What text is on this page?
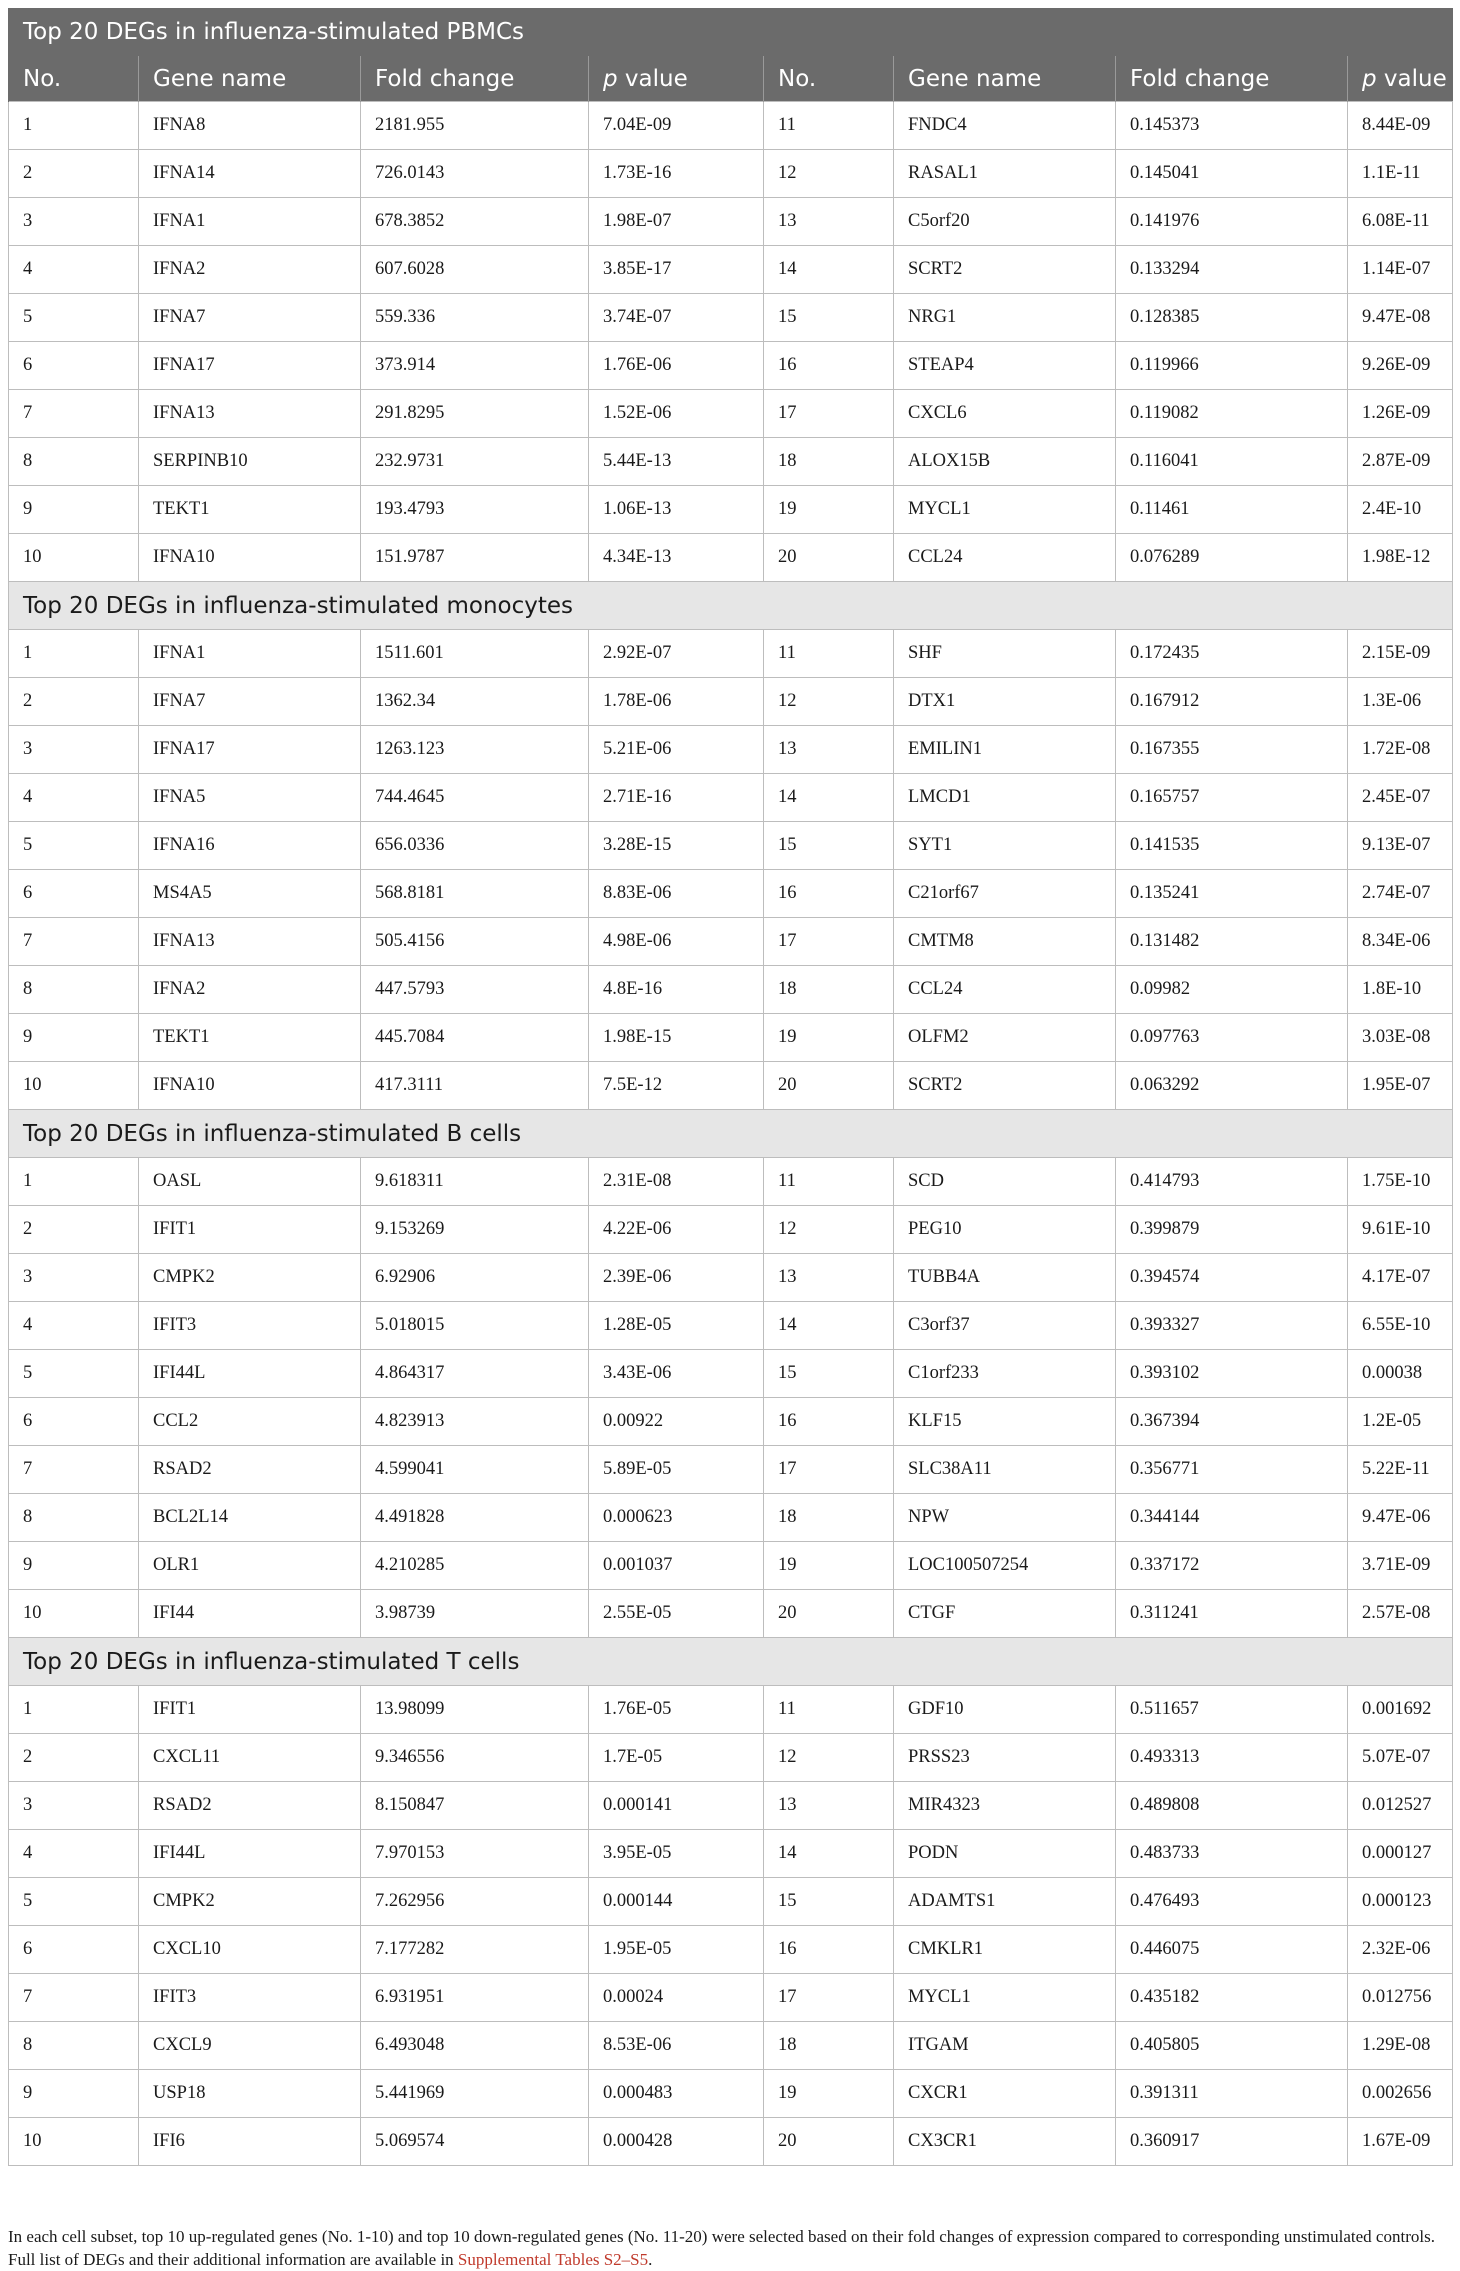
Top 20 DEGs in influenza-stimulated PBMCs							
No.	Gene name	Fold change	p value	No.	Gene name	Fold change	p value
1	IFNA8	2181.955	7.04E-09	11	FNDC4	0.145373	8.44E-09
2	IFNA14	726.0143	1.73E-16	12	RASAL1	0.145041	1.1E-11
3	IFNA1	678.3852	1.98E-07	13	C5orf20	0.141976	6.08E-11
4	IFNA2	607.6028	3.85E-17	14	SCRT2	0.133294	1.14E-07
5	IFNA7	559.336	3.74E-07	15	NRG1	0.128385	9.47E-08
6	IFNA17	373.914	1.76E-06	16	STEAP4	0.119966	9.26E-09
7	IFNA13	291.8295	1.52E-06	17	CXCL6	0.119082	1.26E-09
8	SERPINB10	232.9731	5.44E-13	18	ALOX15B	0.116041	2.87E-09
9	TEKT1	193.4793	1.06E-13	19	MYCL1	0.11461	2.4E-10
10	IFNA10	151.9787	4.34E-13	20	CCL24	0.076289	1.98E-12
Top 20 DEGs in influenza-stimulated monocytes							
1	IFNA1	1511.601	2.92E-07	11	SHF	0.172435	2.15E-09
2	IFNA7	1362.34	1.78E-06	12	DTX1	0.167912	1.3E-06
3	IFNA17	1263.123	5.21E-06	13	EMILIN1	0.167355	1.72E-08
4	IFNA5	744.4645	2.71E-16	14	LMCD1	0.165757	2.45E-07
5	IFNA16	656.0336	3.28E-15	15	SYT1	0.141535	9.13E-07
6	MS4A5	568.8181	8.83E-06	16	C21orf67	0.135241	2.74E-07
7	IFNA13	505.4156	4.98E-06	17	CMTM8	0.131482	8.34E-06
8	IFNA2	447.5793	4.8E-16	18	CCL24	0.09982	1.8E-10
9	TEKT1	445.7084	1.98E-15	19	OLFM2	0.097763	3.03E-08
10	IFNA10	417.3111	7.5E-12	20	SCRT2	0.063292	1.95E-07
Top 20 DEGs in influenza-stimulated B cells							
1	OASL	9.618311	2.31E-08	11	SCD	0.414793	1.75E-10
2	IFIT1	9.153269	4.22E-06	12	PEG10	0.399879	9.61E-10
3	CMPK2	6.92906	2.39E-06	13	TUBB4A	0.394574	4.17E-07
4	IFIT3	5.018015	1.28E-05	14	C3orf37	0.393327	6.55E-10
5	IFI44L	4.864317	3.43E-06	15	C1orf233	0.393102	0.00038
6	CCL2	4.823913	0.00922	16	KLF15	0.367394	1.2E-05
7	RSAD2	4.599041	5.89E-05	17	SLC38A11	0.356771	5.22E-11
8	BCL2L14	4.491828	0.000623	18	NPW	0.344144	9.47E-06
9	OLR1	4.210285	0.001037	19	LOC100507254	0.337172	3.71E-09
10	IFI44	3.98739	2.55E-05	20	CTGF	0.311241	2.57E-08
Top 20 DEGs in influenza-stimulated T cells							
1	IFIT1	13.98099	1.76E-05	11	GDF10	0.511657	0.001692
2	CXCL11	9.346556	1.7E-05	12	PRSS23	0.493313	5.07E-07
3	RSAD2	8.150847	0.000141	13	MIR4323	0.489808	0.012527
4	IFI44L	7.970153	3.95E-05	14	PODN	0.483733	0.000127
5	CMPK2	7.262956	0.000144	15	ADAMTS1	0.476493	0.000123
6	CXCL10	7.177282	1.95E-05	16	CMKLR1	0.446075	2.32E-06
7	IFIT3	6.931951	0.00024	17	MYCL1	0.435182	0.012756
8	CXCL9	6.493048	8.53E-06	18	ITGAM	0.405805	1.29E-08
9	USP18	5.441969	0.000483	19	CXCR1	0.391311	0.002656
10	IFI6	5.069574	0.000428	20	CX3CR1	0.360917	1.67E-09
In each cell subset, top 10 up-regulated genes (No. 1-10) and top 10 down-regulated genes (No. 11-20) were selected based on their fold changes of expression compared to corresponding unstimulated controls. Full list of DEGs and their additional information are available in Supplemental Tables S2–S5.
